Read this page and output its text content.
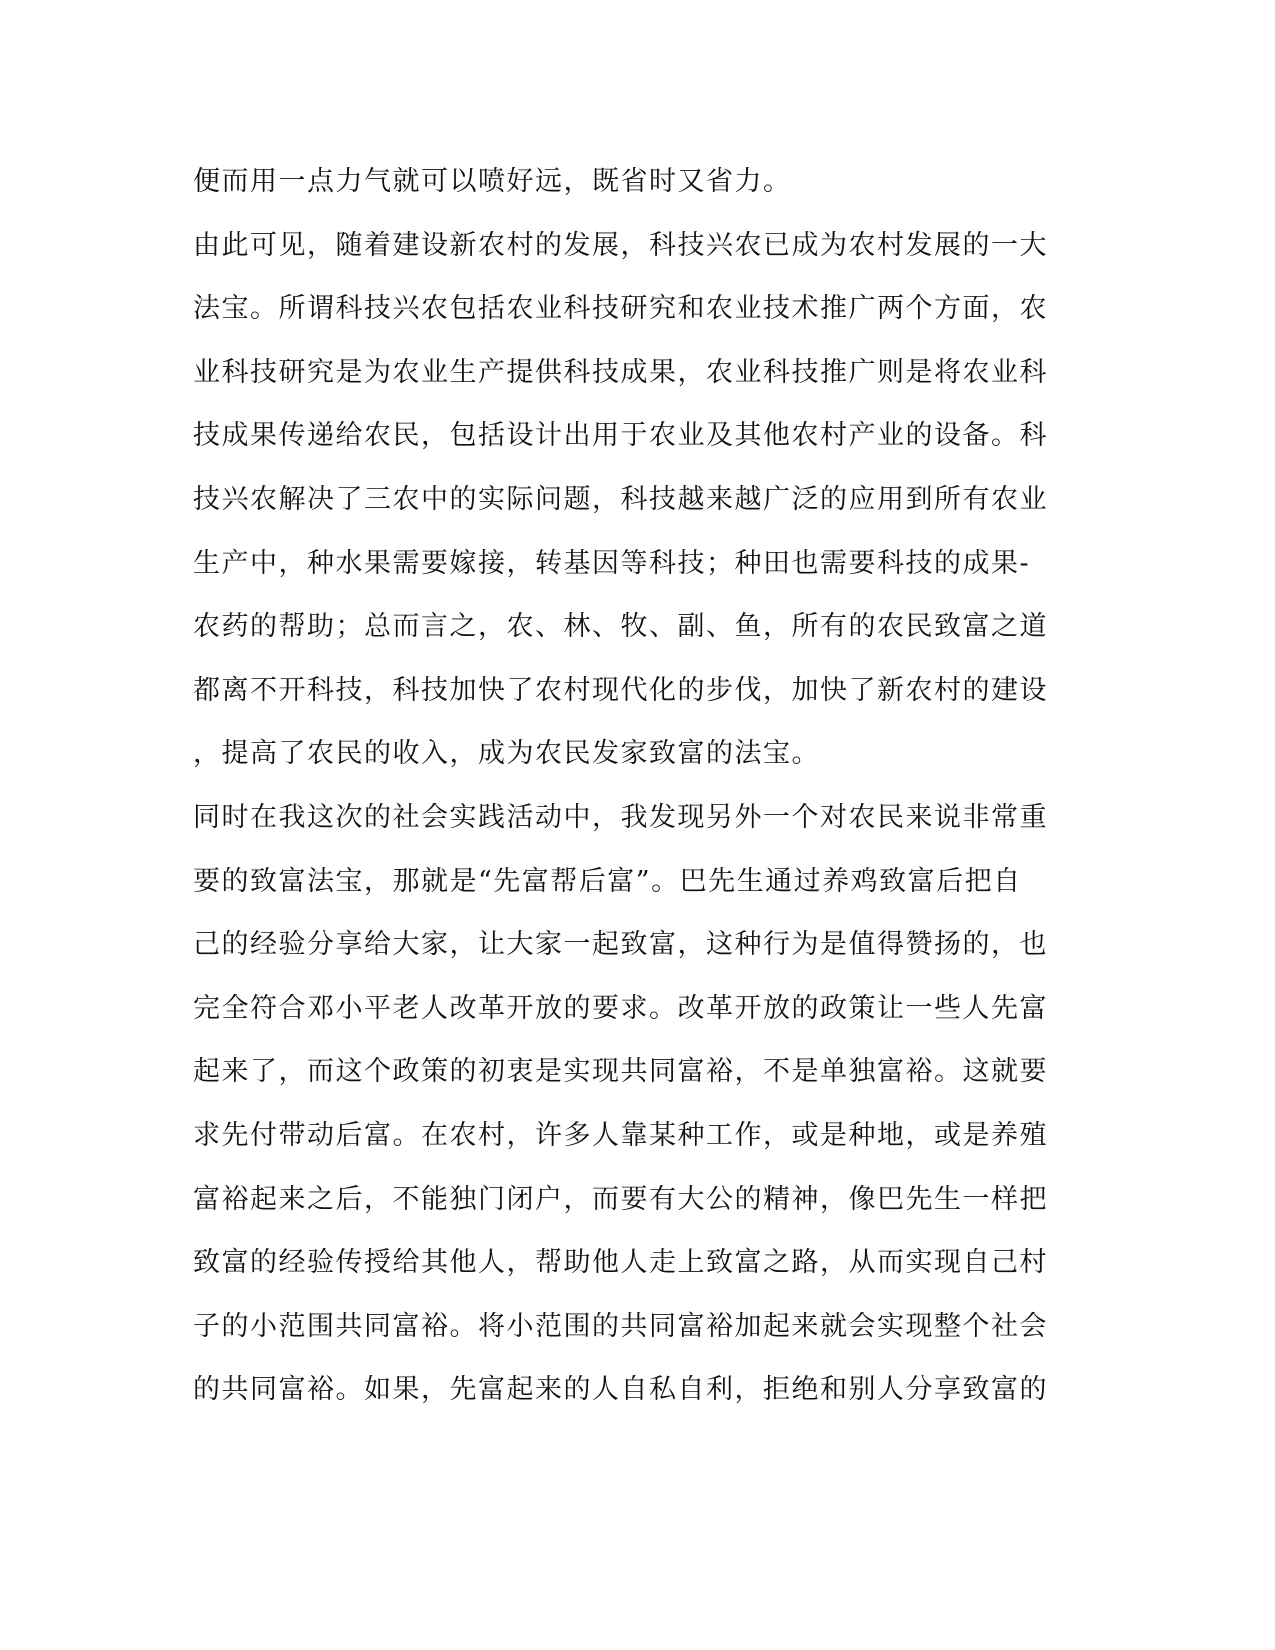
便而用一点力气就可以喷好远，既省时又省力。
由此可见，随着建设新农村的发展，科技兴农已成为农村发展的一大
法宝。所谓科技兴农包括农业科技研究和农业技术推广两个方面，农
业科技研究是为农业生产提供科技成果，农业科技推广则是将农业科
技成果传递给农民，包括设计出用于农业及其他农村产业的设备。科
技兴农解决了三农中的实际问题，科技越来越广泛的应用到所有农业
生产中，种水果需要嫁接，转基因等科技；种田也需要科技的成果-
农药的帮助；总而言之，农、林、牧、副、鱼，所有的农民致富之道
都离不开科技，科技加快了农村现代化的步伐，加快了新农村的建设
，提高了农民的收入，成为农民发家致富的法宝。
同时在我这次的社会实践活动中，我发现另外一个对农民来说非常重
要的致富法宝，那就是“先富帮后富”。巴先生通过养鸡致富后把自
己的经验分享给大家，让大家一起致富，这种行为是值得赞扬的，也
完全符合邓小平老人改革开放的要求。改革开放的政策让一些人先富
起来了，而这个政策的初衷是实现共同富裕，不是单独富裕。这就要
求先付带动后富。在农村，许多人靠某种工作，或是种地，或是养殖
富裕起来之后，不能独门闭户，而要有大公的精神，像巴先生一样把
致富的经验传授给其他人，帮助他人走上致富之路，从而实现自己村
子的小范围共同富裕。将小范围的共同富裕加起来就会实现整个社会
的共同富裕。如果，先富起来的人自私自利，拒绝和别人分享致富的
